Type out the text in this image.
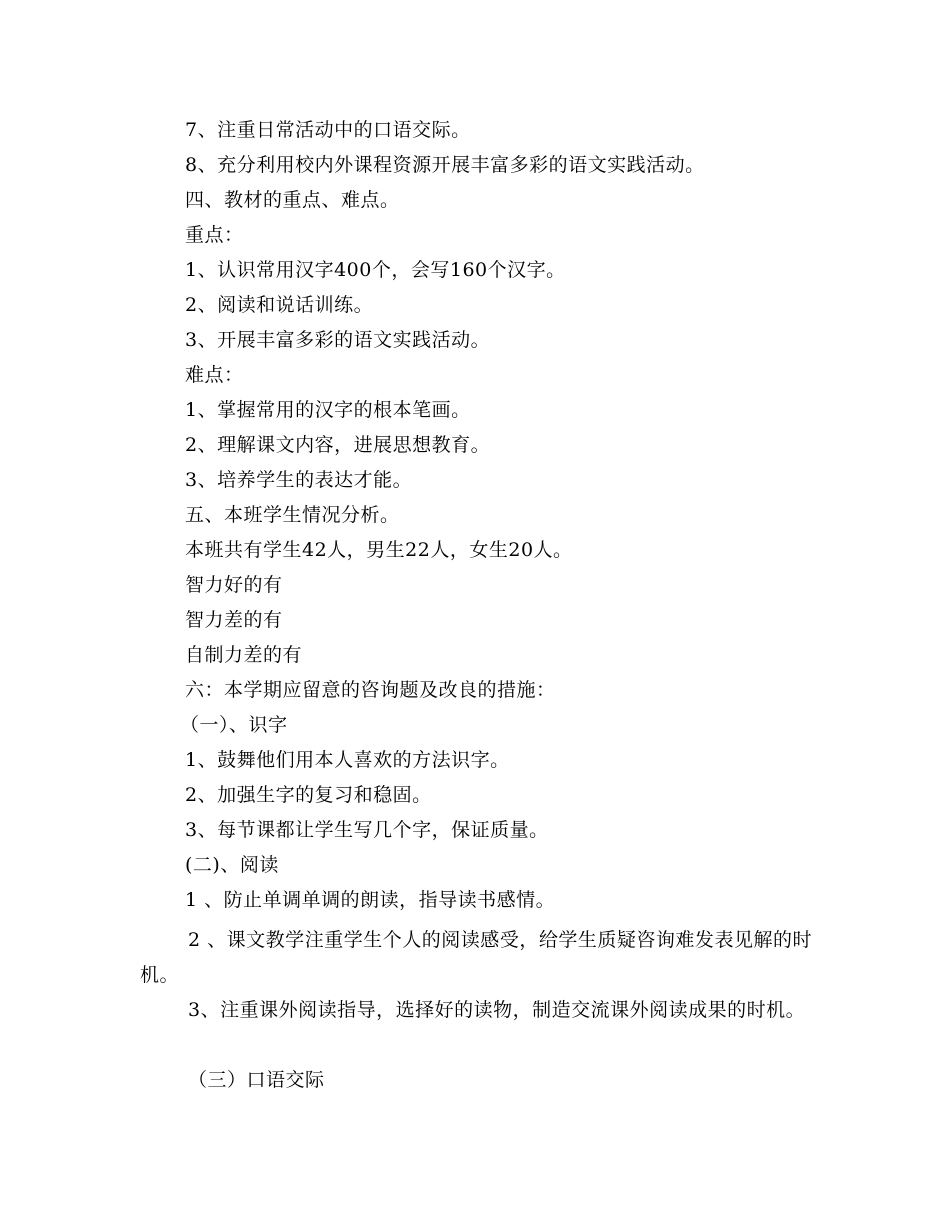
7、注重日常活动中的口语交际。
8、充分利用校内外课程资源开展丰富多彩的语文实践活动。
四、教材的重点、难点。
重点：
1、认识常用汉字400个，会写160个汉字。
2、阅读和说话训练。
3、开展丰富多彩的语文实践活动。
难点：
1、掌握常用的汉字的根本笔画。
2、理解课文内容，进展思想教育。
3、培养学生的表达才能。
五、本班学生情况分析。
本班共有学生42人，男生22人，女生20人。
智力好的有
智力差的有
自制力差的有
六：本学期应留意的咨询题及改良的措施：
（一）、识字
1、鼓舞他们用本人喜欢的方法识字。
2、加强生字的复习和稳固。
3、每节课都让学生写几个字，保证质量。
(二)、阅读
1 、防止单调单调的朗读，指导读书感情。
2 、课文教学注重学生个人的阅读感受，给学生质疑咨询难发表见解的时机。
3、注重课外阅读指导，选择好的读物，制造交流课外阅读成果的时机。
（三）口语交际
